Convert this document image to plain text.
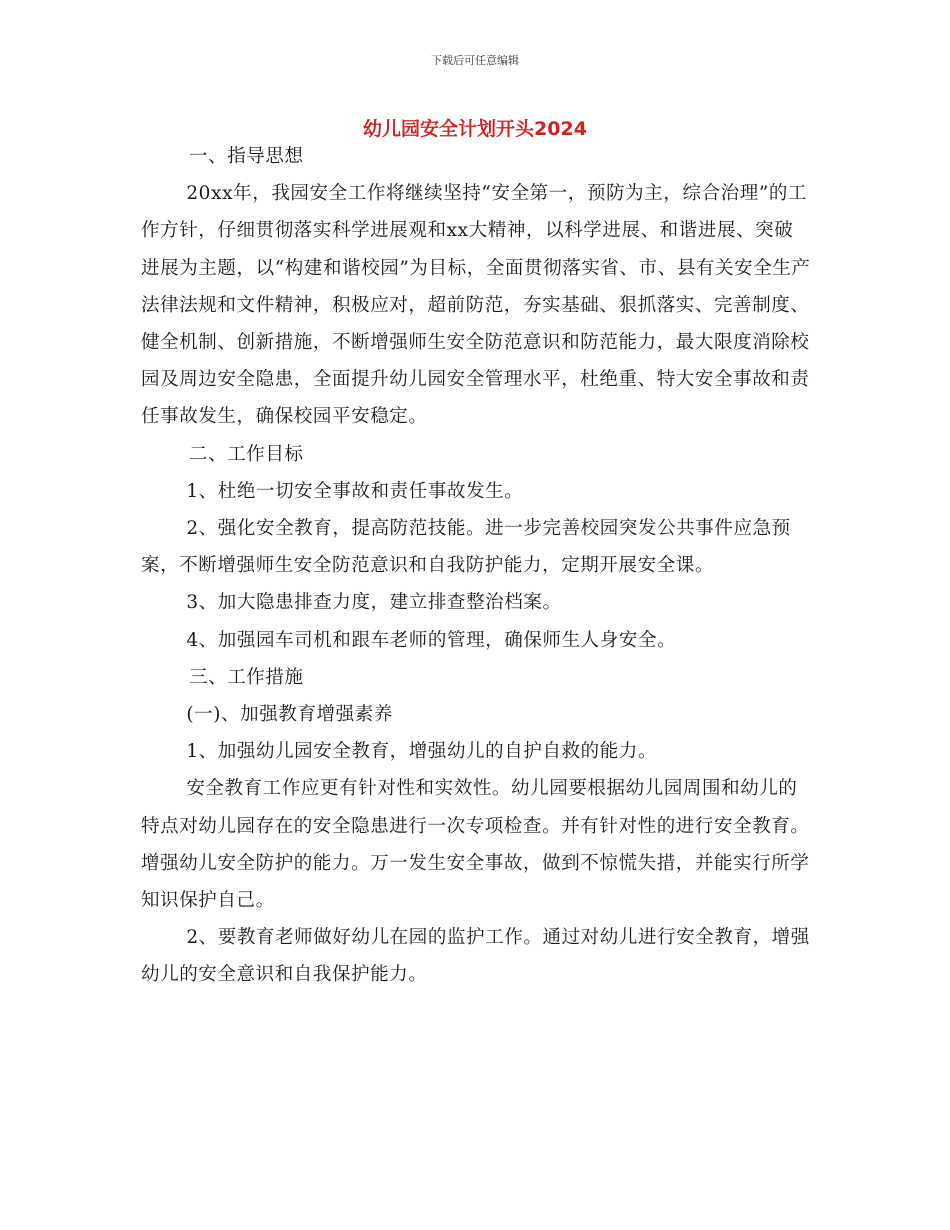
下载后可任意编辑
幼儿园安全计划开头2024

一、指导思想

20xx年，我园安全工作将继续坚持“安全第一，预防为主，综合治理”的工作方针，仔细贯彻落实科学进展观和xx大精神，以科学进展、和谐进展、突破进展为主题，以“构建和谐校园”为目标，全面贯彻落实省、市、县有关安全生产法律法规和文件精神，积极应对，超前防范，夯实基础、狠抓落实、完善制度、健全机制、创新措施，不断增强师生安全防范意识和防范能力，最大限度消除校园及周边安全隐患，全面提升幼儿园安全管理水平，杜绝重、特大安全事故和责任事故发生，确保校园平安稳定。

二、工作目标

1、杜绝一切安全事故和责任事故发生。

2、强化安全教育，提高防范技能。进一步完善校园突发公共事件应急预案，不断增强师生安全防范意识和自我防护能力，定期开展安全课。

3、加大隐患排查力度，建立排查整治档案。

4、加强园车司机和跟车老师的管理，确保师生人身安全。

三、工作措施

(一)、加强教育增强素养

1、加强幼儿园安全教育，增强幼儿的自护自救的能力。

安全教育工作应更有针对性和实效性。幼儿园要根据幼儿园周围和幼儿的特点对幼儿园存在的安全隐患进行一次专项检查。并有针对性的进行安全教育。增强幼儿安全防护的能力。万一发生安全事故，做到不惊慌失措，并能实行所学知识保护自己。

2、要教育老师做好幼儿在园的监护工作。通过对幼儿进行安全教育，增强幼儿的安全意识和自我保护能力。
